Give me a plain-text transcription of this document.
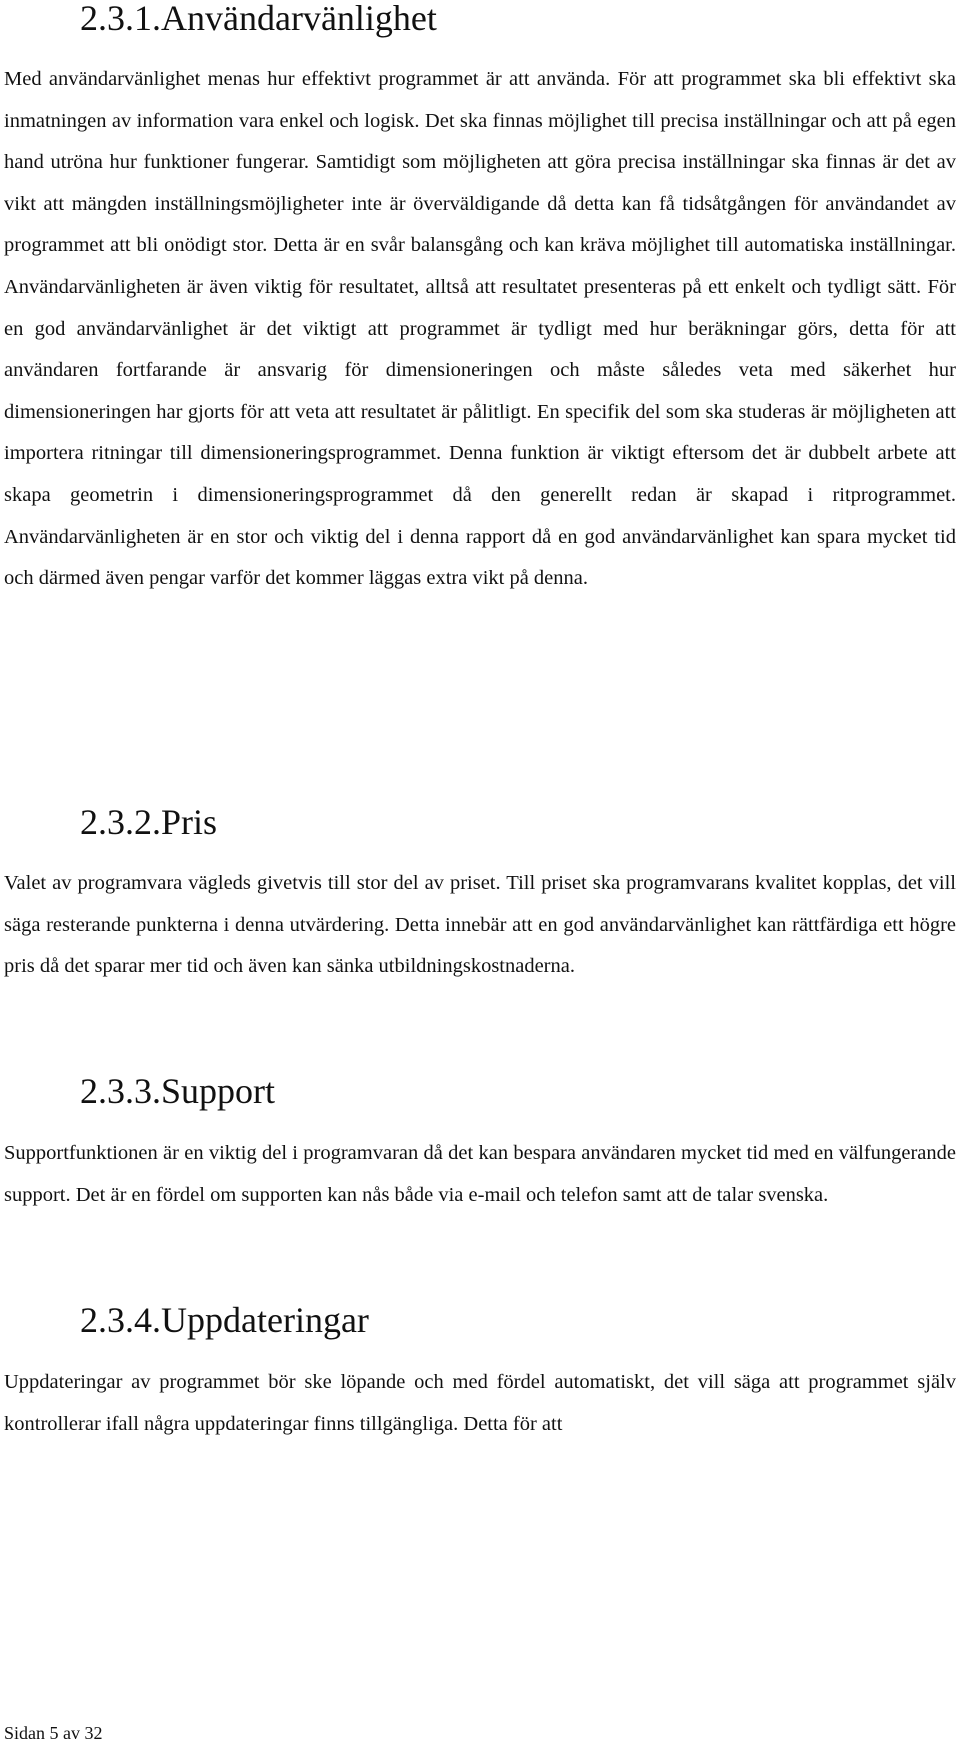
2.3.1.Användarvänlighet

Med användarvänlighet menas hur effektivt programmet är att använda. För att programmet ska bli effektivt ska inmatningen av information vara enkel och logisk. Det ska finnas möjlighet till precisa inställningar och att på egen hand utröna hur funktioner fungerar. Samtidigt som möjligheten att göra precisa inställningar ska finnas är det av vikt att mängden inställningsmöjligheter inte är överväldigande då detta kan få tidsåtgången för användandet av programmet att bli onödigt stor. Detta är en svår balansgång och kan kräva möjlighet till automatiska inställningar. Användarvänligheten är även viktig för resultatet, alltså att resultatet presenteras på ett enkelt och tydligt sätt. För en god användarvänlighet är det viktigt att programmet är tydligt med hur beräkningar görs, detta för att användaren fortfarande är ansvarig för dimensioneringen och måste således veta med säkerhet hur dimensioneringen har gjorts för att veta att resultatet är pålitligt. En specifik del som ska studeras är möjligheten att importera ritningar till dimensioneringsprogrammet. Denna funktion är viktigt eftersom det är dubbelt arbete att skapa geometrin i dimensioneringsprogrammet då den generellt redan är skapad i ritprogrammet. Användarvänligheten är en stor och viktig del i denna rapport då en god användarvänlighet kan spara mycket tid och därmed även pengar varför det kommer läggas extra vikt på denna.

2.3.2.Pris

Valet av programvara vägleds givetvis till stor del av priset. Till priset ska programvarans kvalitet kopplas, det vill säga resterande punkterna i denna utvärdering. Detta innebär att en god användarvänlighet kan rättfärdiga ett högre pris då det sparar mer tid och även kan sänka utbildningskostnaderna.

2.3.3.Support

Supportfunktionen är en viktig del i programvaran då det kan bespara användaren mycket tid med en välfungerande support. Det är en fördel om supporten kan nås både via e-mail och telefon samt att de talar svenska.

2.3.4.Uppdateringar

Uppdateringar av programmet bör ske löpande och med fördel automatiskt, det vill säga att programmet själv kontrollerar ifall några uppdateringar finns tillgängliga. Detta för att

Sidan 5 av 32
